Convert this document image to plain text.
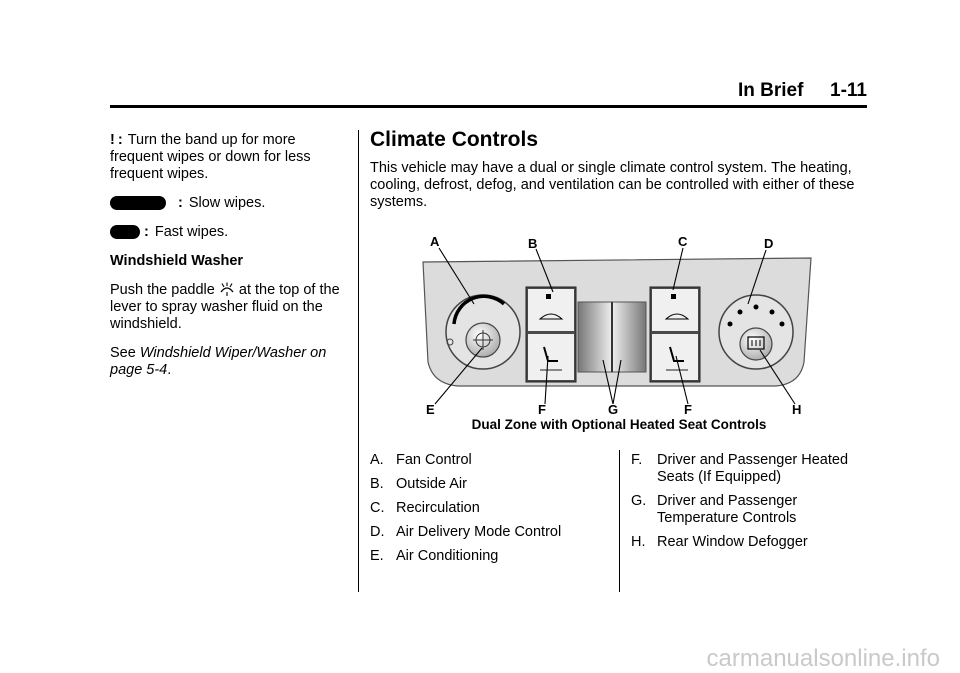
In Brief 1-11

! : Turn the band up for more frequent wipes or down for less frequent wipes.

: Slow wipes.

: Fast wipes.

Windshield Washer

Push the paddle at the top of the lever to spray washer fluid on the windshield.

See Windshield Wiper/Washer on page 5-4.

Climate Controls

This vehicle may have a dual or single climate control system. The heating, cooling, defrost, defog, and ventilation can be controlled with either of these systems.

A	B	C	D
E	F	G	F	H
Dual Zone with Optional Heated Seat Controls
A. Fan Control
B. Outside Air
C. Recirculation
D. Air Delivery Mode Control
E. Air Conditioning
F.	Driver and Passenger Heated Seats (If Equipped)
G. Driver and Passenger Temperature Controls
H. Rear Window Defogger
carmanualsonline.info
